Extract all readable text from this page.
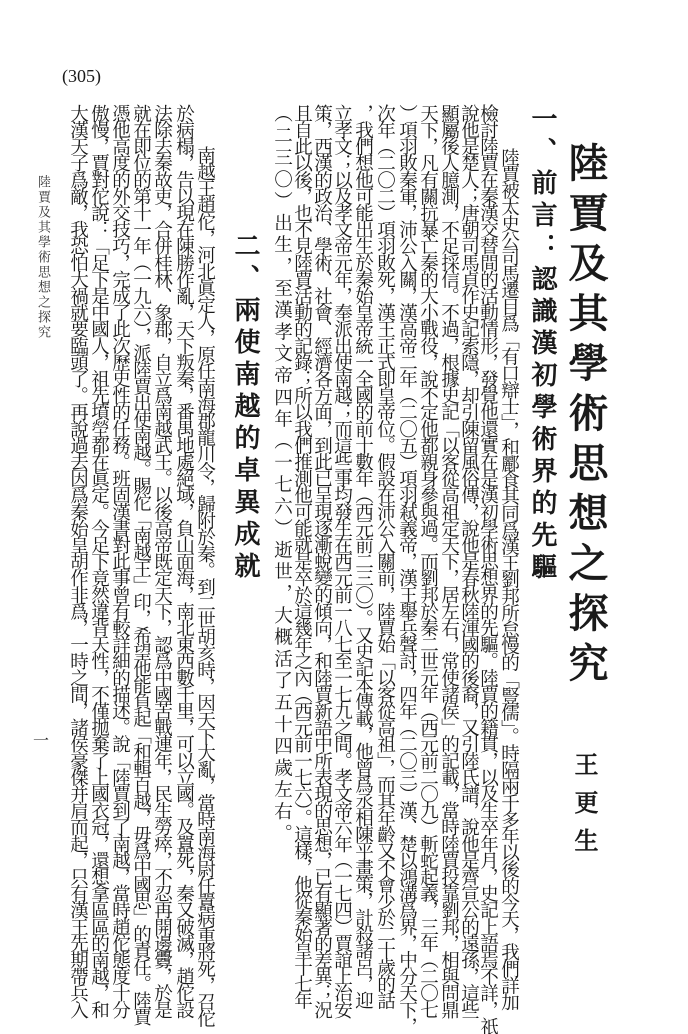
(305)
陸賈及其學術思想之探究
王更生
一、前言：認識漢初學術界的先驅
陸賈被太史公司馬遷目爲「有口辯士」，和酈食其同爲漢王劉邦所怠慢的「豎儒」。時隔兩千多年以後的今天，我們詳加
檢討陸賈在秦漢交替間的活動情形，發覺他還實在是漢初學術思想界的先驅。陸賈的籍貫，以及生卒年月，史記上語焉不詳，祇
說他是楚人；唐朝司馬貞作史記索隱，却引陳留風俗傳，說他是春秋陸渾國的後裔，又引陸氏譜，說他是齊宣公的遠孫，這些
顯屬後人臆測，不足採信。不過，根據史記「以客從高祖定天下，居左右，常使諸侯」的記載，當時陸賈投靠劉邦，相與問鼎
天下，凡有關抗暴亡秦的大小戰役，說不定他都親身參與過。而劉邦於秦二世元年（西元前二〇九）斬蛇起義，三年（二〇七
）項羽敗秦軍，沛公入關，漢高帝二年（二〇五）項羽弒義帝，漢王舉兵聲討，四年（二〇三）漢、楚以鴻溝爲界，中分天下，
次年（二〇二）項羽敗死，漢王正式即皇帝位。假設在沛公入關前，陸賈始「以客從高祖」，而其年齡又不會少於二十歲的話
，我們想他可能出生於秦始皇帝統一全國的前十數年（西元前二三〇）。又史記本傳載，他曾爲丞相陳平畫策，計殺諸呂，迎
立孝文；以及孝文帝元年，奉派出使南越；而這些事均發生在西元前一八七至一七九之間。孝文帝六年（一七四）賈誼上治安
策，西漢的政治、學術、社會、經濟各方面，到此已呈現逐漸蛻變的傾向，和陸賈新語中所表現的思想，已有顯著的差異；況
且自此以後，也不見陸賈活動的記錄；所以我們推測他可能就是卒於這幾年之內（西元前一七六）。這樣，他從秦始皇十七年
（二三〇）出生，至漢孝文帝四年（一七六）逝世，大概活了五十四歲左右。
二、兩使南越的卓異成就
南越王趙佗，河北眞定人，原任南海郡龍川令，歸附於秦。到二世胡亥時，因天下大亂，當時南海尉任囂病重將死，召佗
於病榻，告以現在陳勝作亂，天下叛秦，番禺地處絕域，負山面海，南北東西數千里，可以立國。及囂死，秦又破滅，趙佗設
法除去秦故吏，合併桂林、象郡，自立爲南越武王。以後高帝既定天下，認爲中國苦戰連年，民生勞瘁，不忍再開邊釁，於是
就在即位的第十一年（一九六），派陸賈出使南越。賜佗「南越王」印，希望他能負起「和輯百越，毋爲中國思」的責任。陸賈
憑他高度的外交技巧，完成了此次歷史性的任務。班固漢書對此事曾有較詳細的描述。說「陸賈到了南越，當時趙佗態度十分
傲慢，賈對佗說：「足下是中國人，祖先墳塋都在眞定。今足下竟然違背天性，不僅拋棄了上國衣冠，還想拿區區的南越，和
大漢天子爲敵，我恐怕大禍就要臨頭了。再說過去因爲秦始皇胡作非爲，一時之間，諸侯豪傑并肩而起，只有漢王先期帶兵入
陸賈及其學術思想之探究
一
